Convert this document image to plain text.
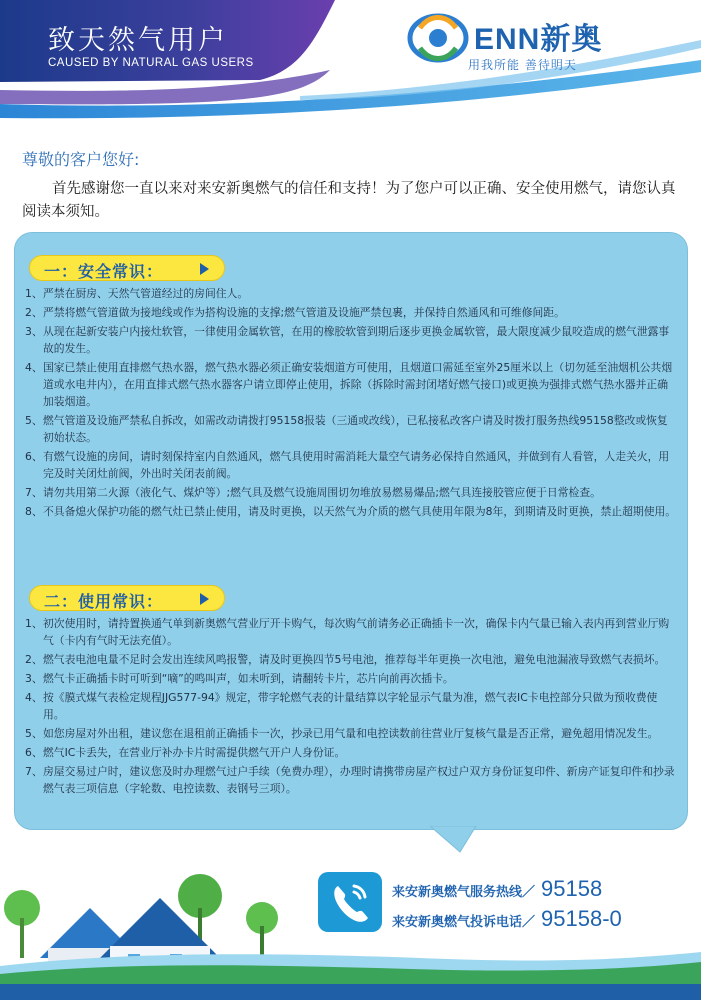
致天然气用户
CAUSED BY NATURAL GAS USERS
ENN新奥
用我所能 善待明天
尊敬的客户您好:
首先感谢您一直以来对来安新奥燃气的信任和支持！为了您户可以正确、安全使用燃气，请您认真阅读本须知。
一：安全常识：
1、 严禁在厨房、天然气管道经过的房间住人。
2、 严禁将燃气管道做为接地线或作为搭构设施的支撑;燃气管道及设施严禁包裹，并保持自然通风和可维修间距。
3、 从现在起新安装户内接灶软管，一律使用金属软管，在用的橡胶软管到期后逐步更换金属软管，最大限度减少鼠咬造成的燃气泄露事故的发生。
4、 国家已禁止使用直排燃气热水器，燃气热水器必须正确安装烟道方可使用，且烟道口需延至室外25厘米以上（切勿延至油烟机公共烟道或水电井内），在用直排式燃气热水器客户请立即停止使用，拆除（拆除时需封闭堵好燃气接口)或更换为强排式燃气热水器并正确加装烟道。
5、 燃气管道及设施严禁私自拆改，如需改动请拨打95158报装（三通或改线），已私接私改客户请及时拨打服务热线95158整改或恢复初始状态。
6、 有燃气设施的房间，请时刻保持室内自然通风，燃气具使用时需消耗大量空气请务必保持自然通风，并做到有人看管，人走关火，用完及时关闭灶前阀，外出时关闭表前阀。
7、 请勿共用第二火源（液化气、煤炉等）;燃气具及燃气设施周围切勿堆放易燃易爆品;燃气具连接胶管应便于日常检查。
8、 不具备熄火保护功能的燃气灶已禁止使用，请及时更换，以天然气为介质的燃气具使用年限为8年，到期请及时更换，禁止超期使用。
二：使用常识：
1、 初次使用时，请持置换通气单到新奥燃气营业厅开卡购气，每次购气前请务必正确插卡一次，确保卡内气量已输入表内再到营业厅购气（卡内有气时无法充值）。
2、 燃气表电池电量不足时会发出连续风鸣报警，请及时更换四节5号电池，推荐每半年更换一次电池，避免电池漏液导致燃气表损坏。
3、 燃气卡正确插卡时可听到“嘀”的鸣叫声，如未听到，请翻转卡片，芯片向前再次插卡。
4、 按《膜式煤气表检定规程JJG577-94》规定，带字轮燃气表的计量结算以字轮显示气量为准，燃气表IC卡电控部分只做为预收费使用。
5、 如您房屋对外出租，建议您在退租前正确插卡一次，抄录已用气量和电控读数前往营业厅复核气量是否正常，避免超用情况发生。
6、 燃气IC卡丢失，在营业厅补办卡片时需提供燃气开户人身份证。
7、 房屋交易过户时，建议您及时办理燃气过户手续（免费办理），办理时请携带房屋产权过户双方身份证复印件、新房产证复印件和抄录燃气表三项信息（字轮数、电控读数、表钢号三项）。
来安新奥燃气服务热线／ 95158
来安新奥燃气投诉电话／ 95158-0
